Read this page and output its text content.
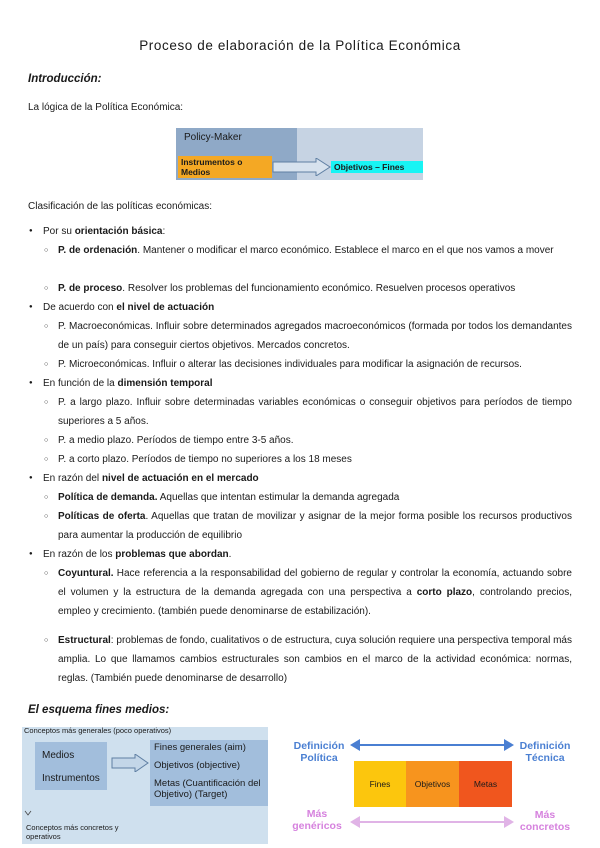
Proceso de elaboración de la Política Económica
Introducción:
La lógica de la Política Económica:
Policy-Maker
Instrumentos o Medios	Objetivos – Fines
Clasificación de las políticas económicas:
● Por su orientación básica:
○ P. de ordenación. Mantener o modificar el marco económico. Establece el marco en el que nos vamos a mover
○ P. de proceso. Resolver los problemas del funcionamiento económico. Resuelven procesos operativos
● De acuerdo con el nivel de actuación
○ P. Macroeconómicas. Influir sobre determinados agregados macroeconómicos (formada por todos los demandantes de un país) para conseguir ciertos objetivos. Mercados concretos.
○ P. Microeconómicas. Influir o alterar las decisiones individuales para modificar la asignación de recursos.
● En función de la dimensión temporal
○ P. a largo plazo. Influir sobre determinadas variables económicas o conseguir objetivos para períodos de tiempo superiores a 5 años.
○ P. a medio plazo. Períodos de tiempo entre 3-5 años.
○ P. a corto plazo. Períodos de tiempo no superiores a los 18 meses
● En razón del nivel de actuación en el mercado
○ Política de demanda. Aquellas que intentan estimular la demanda agregada
○ Políticas de oferta. Aquellas que tratan de movilizar y asignar de la mejor forma posible los recursos productivos para aumentar la producción de equilibrio
● En razón de los problemas que abordan.
○ Coyuntural. Hace referencia a la responsabilidad del gobierno de regular y controlar la economía, actuando sobre el volumen y la estructura de la demanda agregada con una perspectiva a corto plazo, controlando precios, empleo y crecimiento. (también puede denominarse de estabilización).
○ Estructural: problemas de fondo, cualitativos o de estructura, cuya solución requiere una perspectiva temporal más amplia. Lo que llamamos cambios estructurales son cambios en el marco de la actividad económica: normas, reglas. (También puede denominarse de desarrollo)
El esquema fines medios:
Conceptos más generales (poco operativos)
Medios
Instrumentos
Fines generales (aim)
Objetivos (objective)
Metas (Cuantificación del Objetivo) (Target)
Conceptos más concretos y operativos
Definición Política
Definición Técnica
Fines	Objetivos	Metas
Más genéricos
Más concretos
